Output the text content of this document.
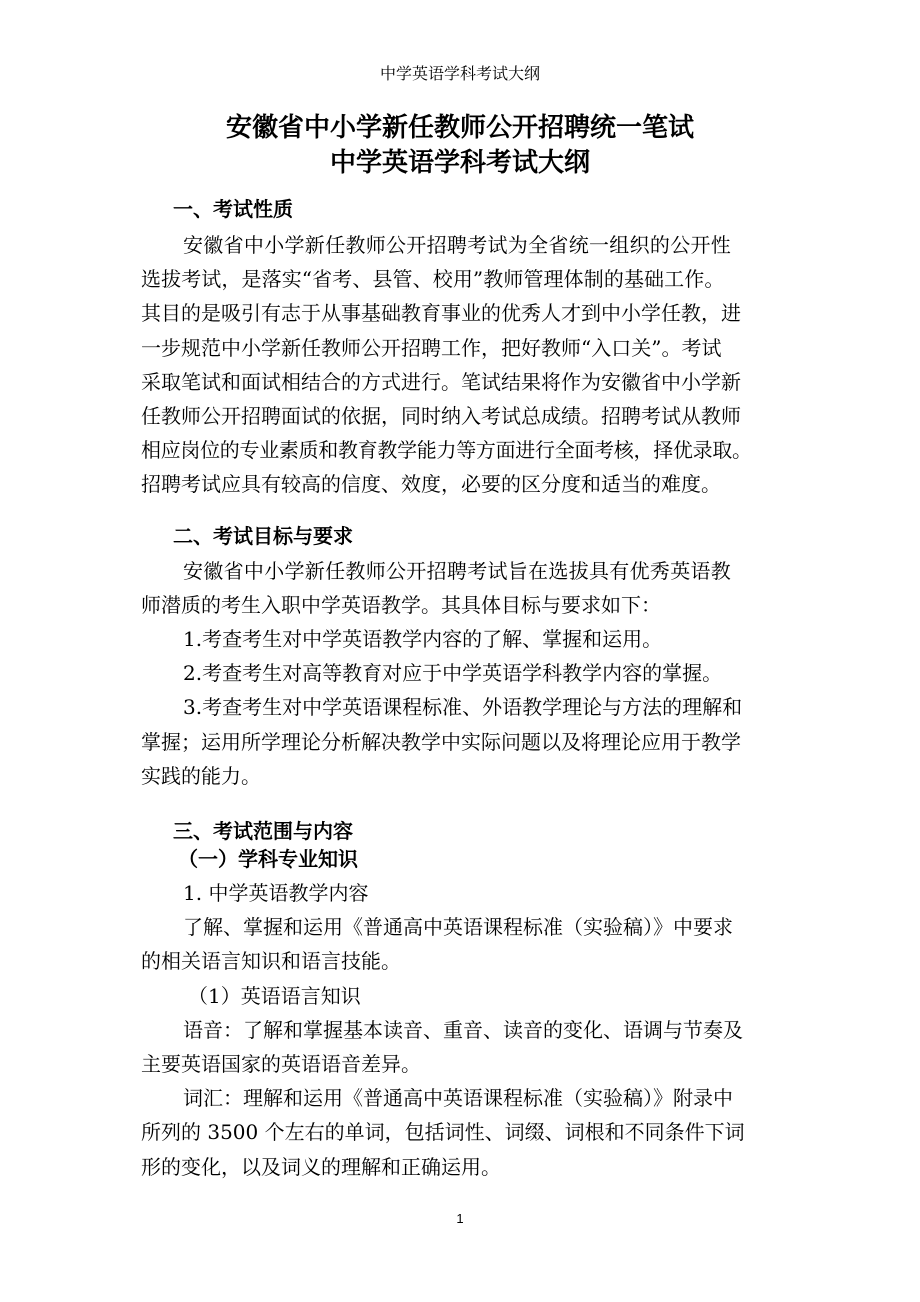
中学英语学科考试大纲
安徽省中小学新任教师公开招聘统一笔试
中学英语学科考试大纲
一、考试性质
安徽省中小学新任教师公开招聘考试为全省统一组织的公开性
选拔考试，是落实“省考、县管、校用”教师管理体制的基础工作。
其目的是吸引有志于从事基础教育事业的优秀人才到中小学任教，进
一步规范中小学新任教师公开招聘工作，把好教师“入口关”。考试
采取笔试和面试相结合的方式进行。笔试结果将作为安徽省中小学新
任教师公开招聘面试的依据，同时纳入考试总成绩。招聘考试从教师
相应岗位的专业素质和教育教学能力等方面进行全面考核，择优录取。
招聘考试应具有较高的信度、效度，必要的区分度和适当的难度。
二、考试目标与要求
安徽省中小学新任教师公开招聘考试旨在选拔具有优秀英语教
师潜质的考生入职中学英语教学。其具体目标与要求如下：
1.考查考生对中学英语教学内容的了解、掌握和运用。
2.考查考生对高等教育对应于中学英语学科教学内容的掌握。
3.考查考生对中学英语课程标准、外语教学理论与方法的理解和
掌握；运用所学理论分析解决教学中实际问题以及将理论应用于教学
实践的能力。
三、考试范围与内容
（一）学科专业知识
1. 中学英语教学内容
了解、掌握和运用《普通高中英语课程标准（实验稿）》中要求
的相关语言知识和语言技能。
（1）英语语言知识
语音：了解和掌握基本读音、重音、读音的变化、语调与节奏及
主要英语国家的英语语音差异。
词汇：理解和运用《普通高中英语课程标准（实验稿）》附录中
所列的 3500 个左右的单词，包括词性、词缀、词根和不同条件下词
形的变化，以及词义的理解和正确运用。
1
